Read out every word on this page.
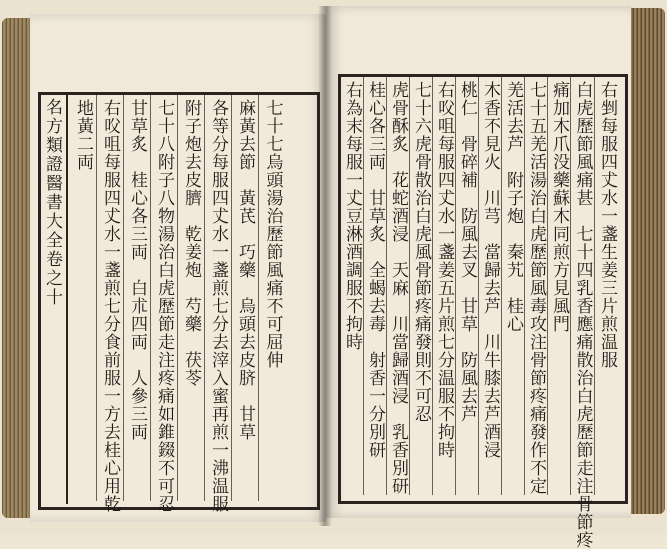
名方類證醫書大全卷之十 地黃二両 右㕮咀每服四𠀋水一盞煎七分食前服一方去桂心用乾 甘草炙　桂心各三両　白朮四両　人參三両 七十八附子八物湯治白虎歷節走注疼痛如錐錣不可忍 附子炮去皮臍　乾姜炮　芍藥　茯苓 各等分每服四𠀋水一盞煎七分去滓入蜜再煎一沸温服 麻黃去節　黃芪　巧藥　烏頭去皮脐　甘草 七十七烏頭湯治歷節風痛不可屈伸	右為末每服一𠀋豆淋酒調服不拘時 桂心各三両　甘草炙　全蝎去毒　射香一分別研 虎骨酥炙　花蛇酒浸　天麻　川當歸酒浸　乳香別研 七十六虎骨散治白虎風骨節疼痛發則不可忍 右㕮咀每服四𠀋水一盞姜五片煎七分温服不拘時 桃仁　骨碎補　防風去叉　甘草　防風去芦 木香不見火　川芎　當歸去芦　川牛膝去芦酒浸 羌活去芦　附子炮　秦艽　桂心 七十五羌活湯治白虎歷節風毒攻注骨節疼痛發作不定 痛加木爪没藥蘇木同煎方見風門 白虎歷節風痛甚　七十四乳香應痛散治白虎歷節走注骨節疼 右剉每服四𠀋水一盞生姜三片煎温服
